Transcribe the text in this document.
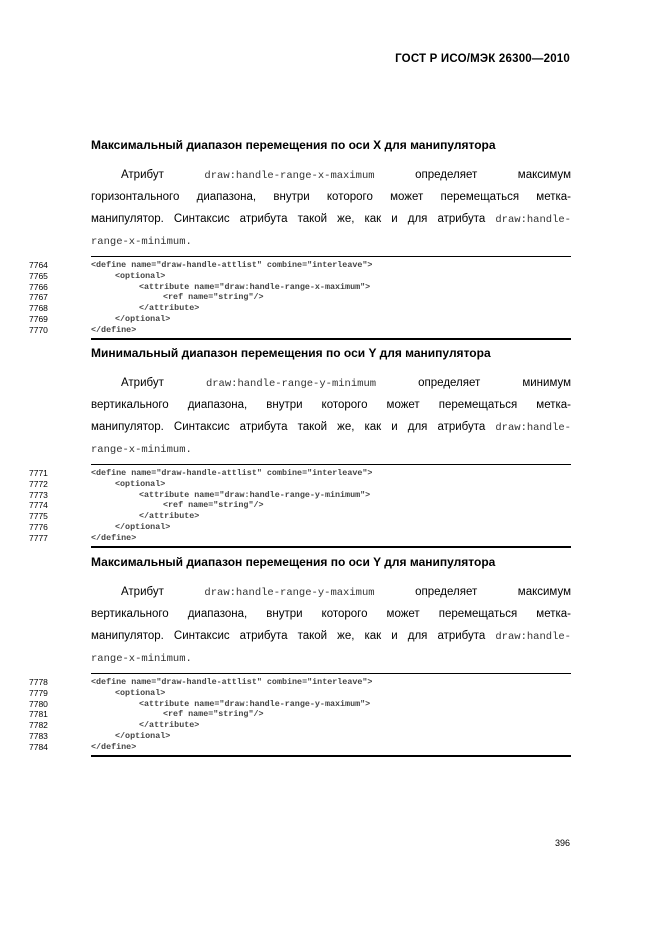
ГОСТ Р ИСО/МЭК 26300—2010
Максимальный диапазон перемещения по оси X для манипулятора
Атрибут	draw:handle-range-x-maximum	определяет	максимум
горизонтального диапазона, внутри которого может перемещаться метка-
манипулятор. Синтаксис атрибута такой же, как и для атрибута draw:handle-
range-x-minimum.
7764	<define name="draw-handle-attlist" combine="interleave">
7765	<optional>
7766	<attribute name="draw:handle-range-x-maximum">
7767	<ref name="string"/>
7768	</attribute>
7769	</optional>
7770	</define>
Минимальный диапазон перемещения по оси Y для манипулятора
Атрибут	draw:handle-range-y-minimum	определяет	минимум
вертикального диапазона, внутри которого может перемещаться метка-
манипулятор. Синтаксис атрибута такой же, как и для атрибута draw:handle-
range-x-minimum.
7771	<define name="draw-handle-attlist" combine="interleave">
7772	<optional>
7773	<attribute name="draw:handle-range-y-minimum">
7774	<ref name="string"/>
7775	</attribute>
7776	</optional>
7777	</define>
Максимальный диапазон перемещения по оси Y для манипулятора
Атрибут	draw:handle-range-y-maximum	определяет	максимум
вертикального диапазона, внутри которого может перемещаться метка-
манипулятор. Синтаксис атрибута такой же, как и для атрибута draw:handle-
range-x-minimum.
7778	<define name="draw-handle-attlist" combine="interleave">
7779	<optional>
7780	<attribute name="draw:handle-range-y-maximum">
7781	<ref name="string"/>
7782	</attribute>
7783	</optional>
7784	</define>
396
